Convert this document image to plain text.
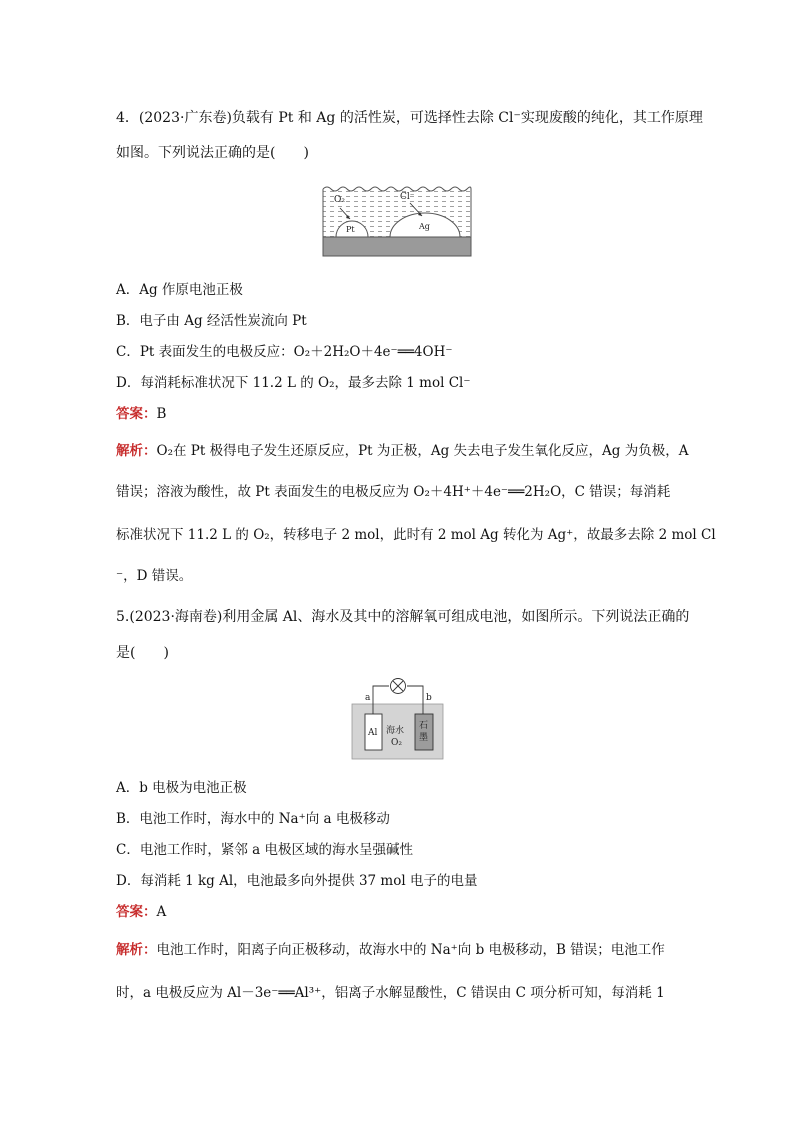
4．(2023·广东卷)负载有 Pt 和 Ag 的活性炭，可选择性去除 Cl⁻实现废酸的纯化，其工作原理
如图。下列说法正确的是(　　)
O₂	Cl⁻
Pt	Ag
A．Ag 作原电池正极
B．电子由 Ag 经活性炭流向 Pt
C．Pt 表面发生的电极反应：O₂＋2H₂O＋4e⁻══4OH⁻
D．每消耗标准状况下 11.2 L 的 O₂，最多去除 1 mol Cl⁻
答案：B
解析：O₂在 Pt 极得电子发生还原反应，Pt 为正极，Ag 失去电子发生氧化反应，Ag 为负极，A
错误；溶液为酸性，故 Pt 表面发生的电极反应为 O₂＋4H⁺＋4e⁻══2H₂O，C 错误；每消耗
标准状况下 11.2 L 的 O₂，转移电子 2 mol，此时有 2 mol Ag 转化为 Ag⁺，故最多去除 2 mol Cl
⁻，D 错误。
5.(2023·海南卷)利用金属 Al、海水及其中的溶解氧可组成电池，如图所示。下列说法正确的
是(　　)
a	b
Al 海水
O₂
石
墨
A．b 电极为电池正极
B．电池工作时，海水中的 Na⁺向 a 电极移动
C．电池工作时，紧邻 a 电极区域的海水呈强碱性
D．每消耗 1 kg Al，电池最多向外提供 37 mol 电子的电量
答案：A
解析：电池工作时，阳离子向正极移动，故海水中的 Na⁺向 b 电极移动，B 错误；电池工作
时，a 电极反应为 Al－3e⁻══Al³⁺，铝离子水解显酸性，C 错误由 C 项分析可知，每消耗 1
